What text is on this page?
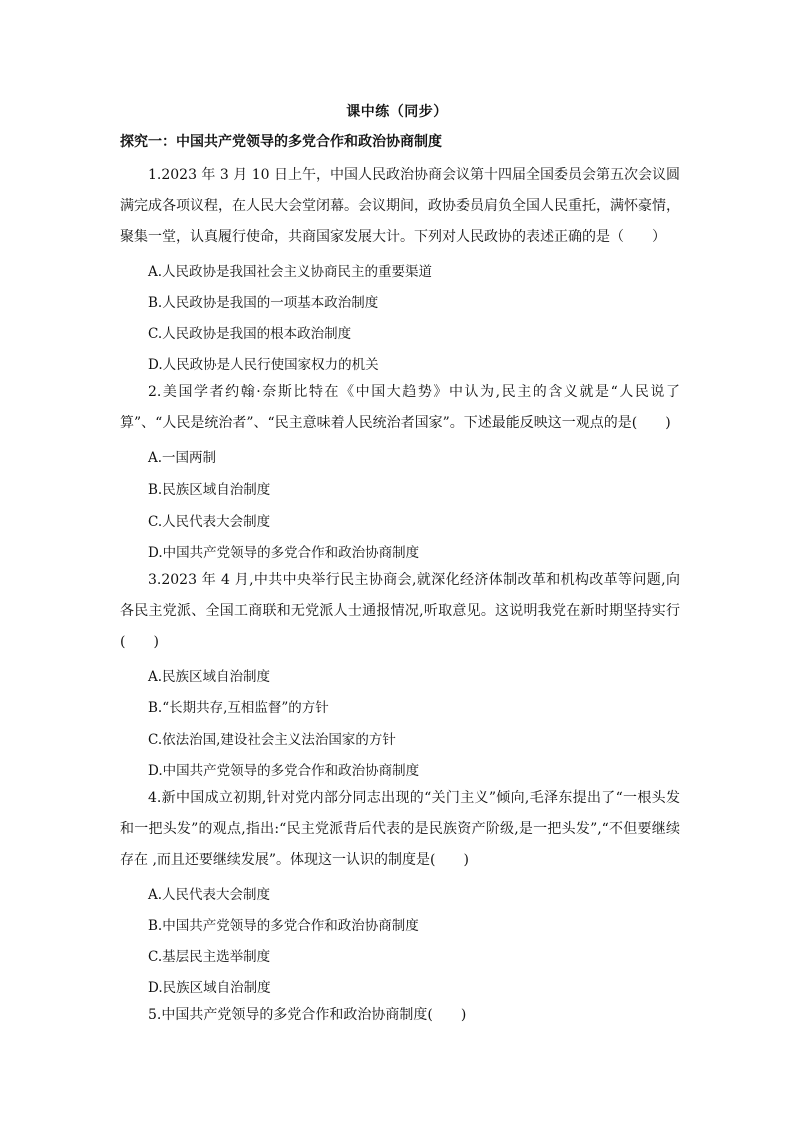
课中练（同步）
探究一：中国共产党领导的多党合作和政治协商制度
1.2023 年 3 月 10 日上午，中国人民政治协商会议第十四届全国委员会第五次会议圆满完成各项议程，在人民大会堂闭幕。会议期间，政协委员肩负全国人民重托，满怀豪情，聚集一堂，认真履行使命，共商国家发展大计。下列对人民政协的表述正确的是（　　）
A.人民政协是我国社会主义协商民主的重要渠道
B.人民政协是我国的一项基本政治制度
C.人民政协是我国的根本政治制度
D.人民政协是人民行使国家权力的机关
2.美国学者约翰·奈斯比特在《中国大趋势》中认为,民主的含义就是“人民说了算”、“人民是统治者”、“民主意味着人民统治者国家”。下述最能反映这一观点的是(　　)
A.一国两制
B.民族区域自治制度
C.人民代表大会制度
D.中国共产党领导的多党合作和政治协商制度
3.2023 年 4 月,中共中央举行民主协商会,就深化经济体制改革和机构改革等问题,向各民主党派、全国工商联和无党派人士通报情况,听取意见。这说明我党在新时期坚持实行(　　)
A.民族区域自治制度
B.“长期共存,互相监督”的方针
C.依法治国,建设社会主义法治国家的方针
D.中国共产党领导的多党合作和政治协商制度
4.新中国成立初期,针对党内部分同志出现的“关门主义”倾向,毛泽东提出了“一根头发和一把头发”的观点,指出:“民主党派背后代表的是民族资产阶级,是一把头发”,“不但要继续存在 ,而且还要继续发展”。体现这一认识的制度是(　　)
A.人民代表大会制度
B.中国共产党领导的多党合作和政治协商制度
C.基层民主选举制度
D.民族区域自治制度
5.中国共产党领导的多党合作和政治协商制度(　　)
